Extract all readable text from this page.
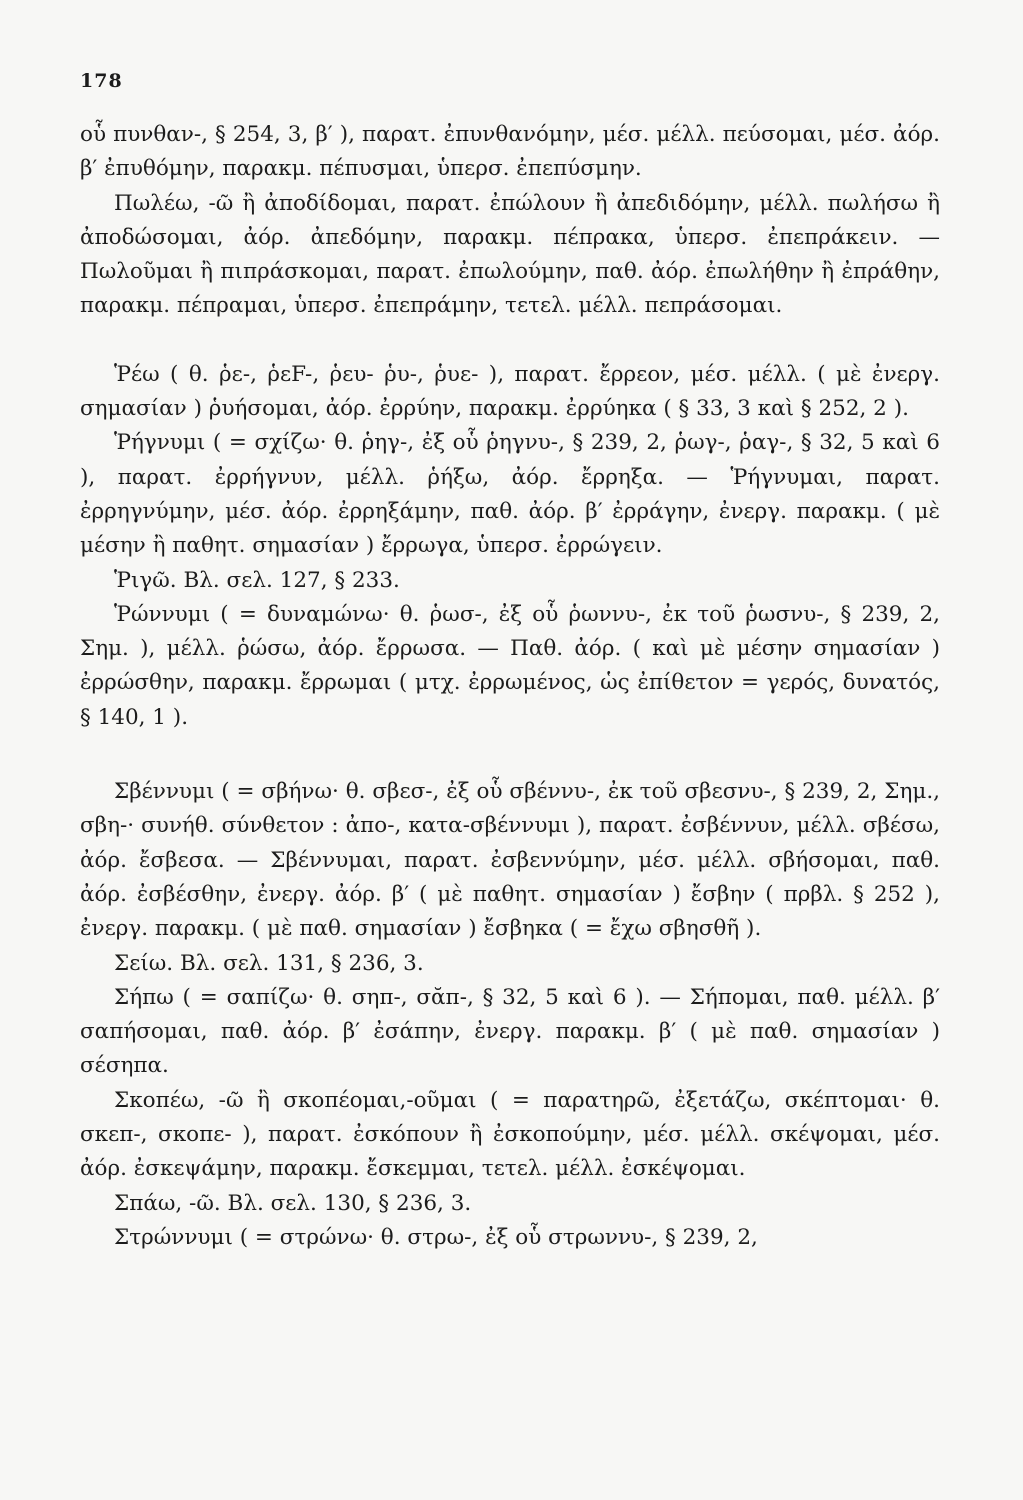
178

οὗ πυνθαν-, § 254, 3, β′ ), παρατ. ἐπυνθανόμην, μέσ. μέλλ. πεύσομαι, μέσ. ἀόρ. β′ ἐπυθόμην, παρακμ. πέπυσμαι, ὑπερσ. ἐπεπύσμην.

Πωλέω, -ῶ ἢ ἀποδίδομαι, παρατ. ἐπώλουν ἢ ἀπεδιδόμην, μέλλ. πωλήσω ἢ ἀποδώσομαι, ἀόρ. ἀπεδόμην, παρακμ. πέπρακα, ὑπερσ. ἐπεπράκειν. — Πωλοῦμαι ἢ πιπράσκομαι, παρατ. ἐπωλούμην, παθ. ἀόρ. ἐπωλήθην ἢ ἐπράθην, παρακμ. πέπραμαι, ὑπερσ. ἐπεπράμην, τετελ. μέλλ. πεπράσομαι.

Ῥέω ( θ. ῥε-, ῥεF-, ῥευ- ῥυ-, ῥυε- ), παρατ. ἔρρεον, μέσ. μέλλ. ( μὲ ἐνεργ. σημασίαν ) ῥυήσομαι, ἀόρ. ἐρρύην, παρακμ. ἐρρύηκα ( § 33, 3 καὶ § 252, 2 ).

Ῥήγνυμι ( = σχίζω· θ. ῥηγ-, ἐξ οὗ ῥηγνυ-, § 239, 2, ῥωγ-, ῥαγ-, § 32, 5 καὶ 6 ), παρατ. ἐρρήγνυν, μέλλ. ῥήξω, ἀόρ. ἔρρηξα. — Ῥήγνυμαι, παρατ. ἐρρηγνύμην, μέσ. ἀόρ. ἐρρηξάμην, παθ. ἀόρ. β′ ἐρράγην, ἐνεργ. παρακμ. ( μὲ μέσην ἢ παθητ. σημασίαν ) ἔρρωγα, ὑπερσ. ἐρρώγειν.

Ῥιγῶ. Βλ. σελ. 127, § 233.

Ῥώννυμι ( = δυναμώνω· θ. ῥωσ-, ἐξ οὗ ῥωννυ-, ἐκ τοῦ ῥωσνυ-, § 239, 2, Σημ. ), μέλλ. ῥώσω, ἀόρ. ἔρρωσα. — Παθ. ἀόρ. ( καὶ μὲ μέσην σημασίαν ) ἐρρώσθην, παρακμ. ἔρρωμαι ( μτχ. ἐρρωμένος, ὡς ἐπίθετον = γερός, δυνατός, § 140, 1 ).

Σβέννυμι ( = σβήνω· θ. σβεσ-, ἐξ οὗ σβέννυ-, ἐκ τοῦ σβεσνυ-, § 239, 2, Σημ., σβη-· συνήθ. σύνθετον : ἀπο-, κατα-σβέννυμι ), παρατ. ἐσβέννυν, μέλλ. σβέσω, ἀόρ. ἔσβεσα. — Σβέννυμαι, παρατ. ἐσβεννύμην, μέσ. μέλλ. σβήσομαι, παθ. ἀόρ. ἐσβέσθην, ἐνεργ. ἀόρ. β′ ( μὲ παθητ. σημασίαν ) ἔσβην ( πρβλ. § 252 ), ἐνεργ. παρακμ. ( μὲ παθ. σημασίαν ) ἔσβηκα ( = ἔχω σβησθῆ ).

Σείω. Βλ. σελ. 131, § 236, 3.

Σήπω ( = σαπίζω· θ. σηπ-, σᾰπ-, § 32, 5 καὶ 6 ). — Σήπομαι, παθ. μέλλ. β′ σαπήσομαι, παθ. ἀόρ. β′ ἐσάπην, ἐνεργ. παρακμ. β′ ( μὲ παθ. σημασίαν ) σέσηπα.

Σκοπέω, -ῶ ἢ σκοπέομαι,-οῦμαι ( = παρατηρῶ, ἐξετάζω, σκέπτομαι· θ. σκεπ-, σκοπε- ), παρατ. ἐσκόπουν ἢ ἐσκοπούμην, μέσ. μέλλ. σκέψομαι, μέσ. ἀόρ. ἐσκεψάμην, παρακμ. ἔσκεμμαι, τετελ. μέλλ. ἐσκέψομαι.

Σπάω, -ῶ. Βλ. σελ. 130, § 236, 3.

Στρώννυμι ( = στρώνω· θ. στρω-, ἐξ οὗ στρωννυ-, § 239, 2,
